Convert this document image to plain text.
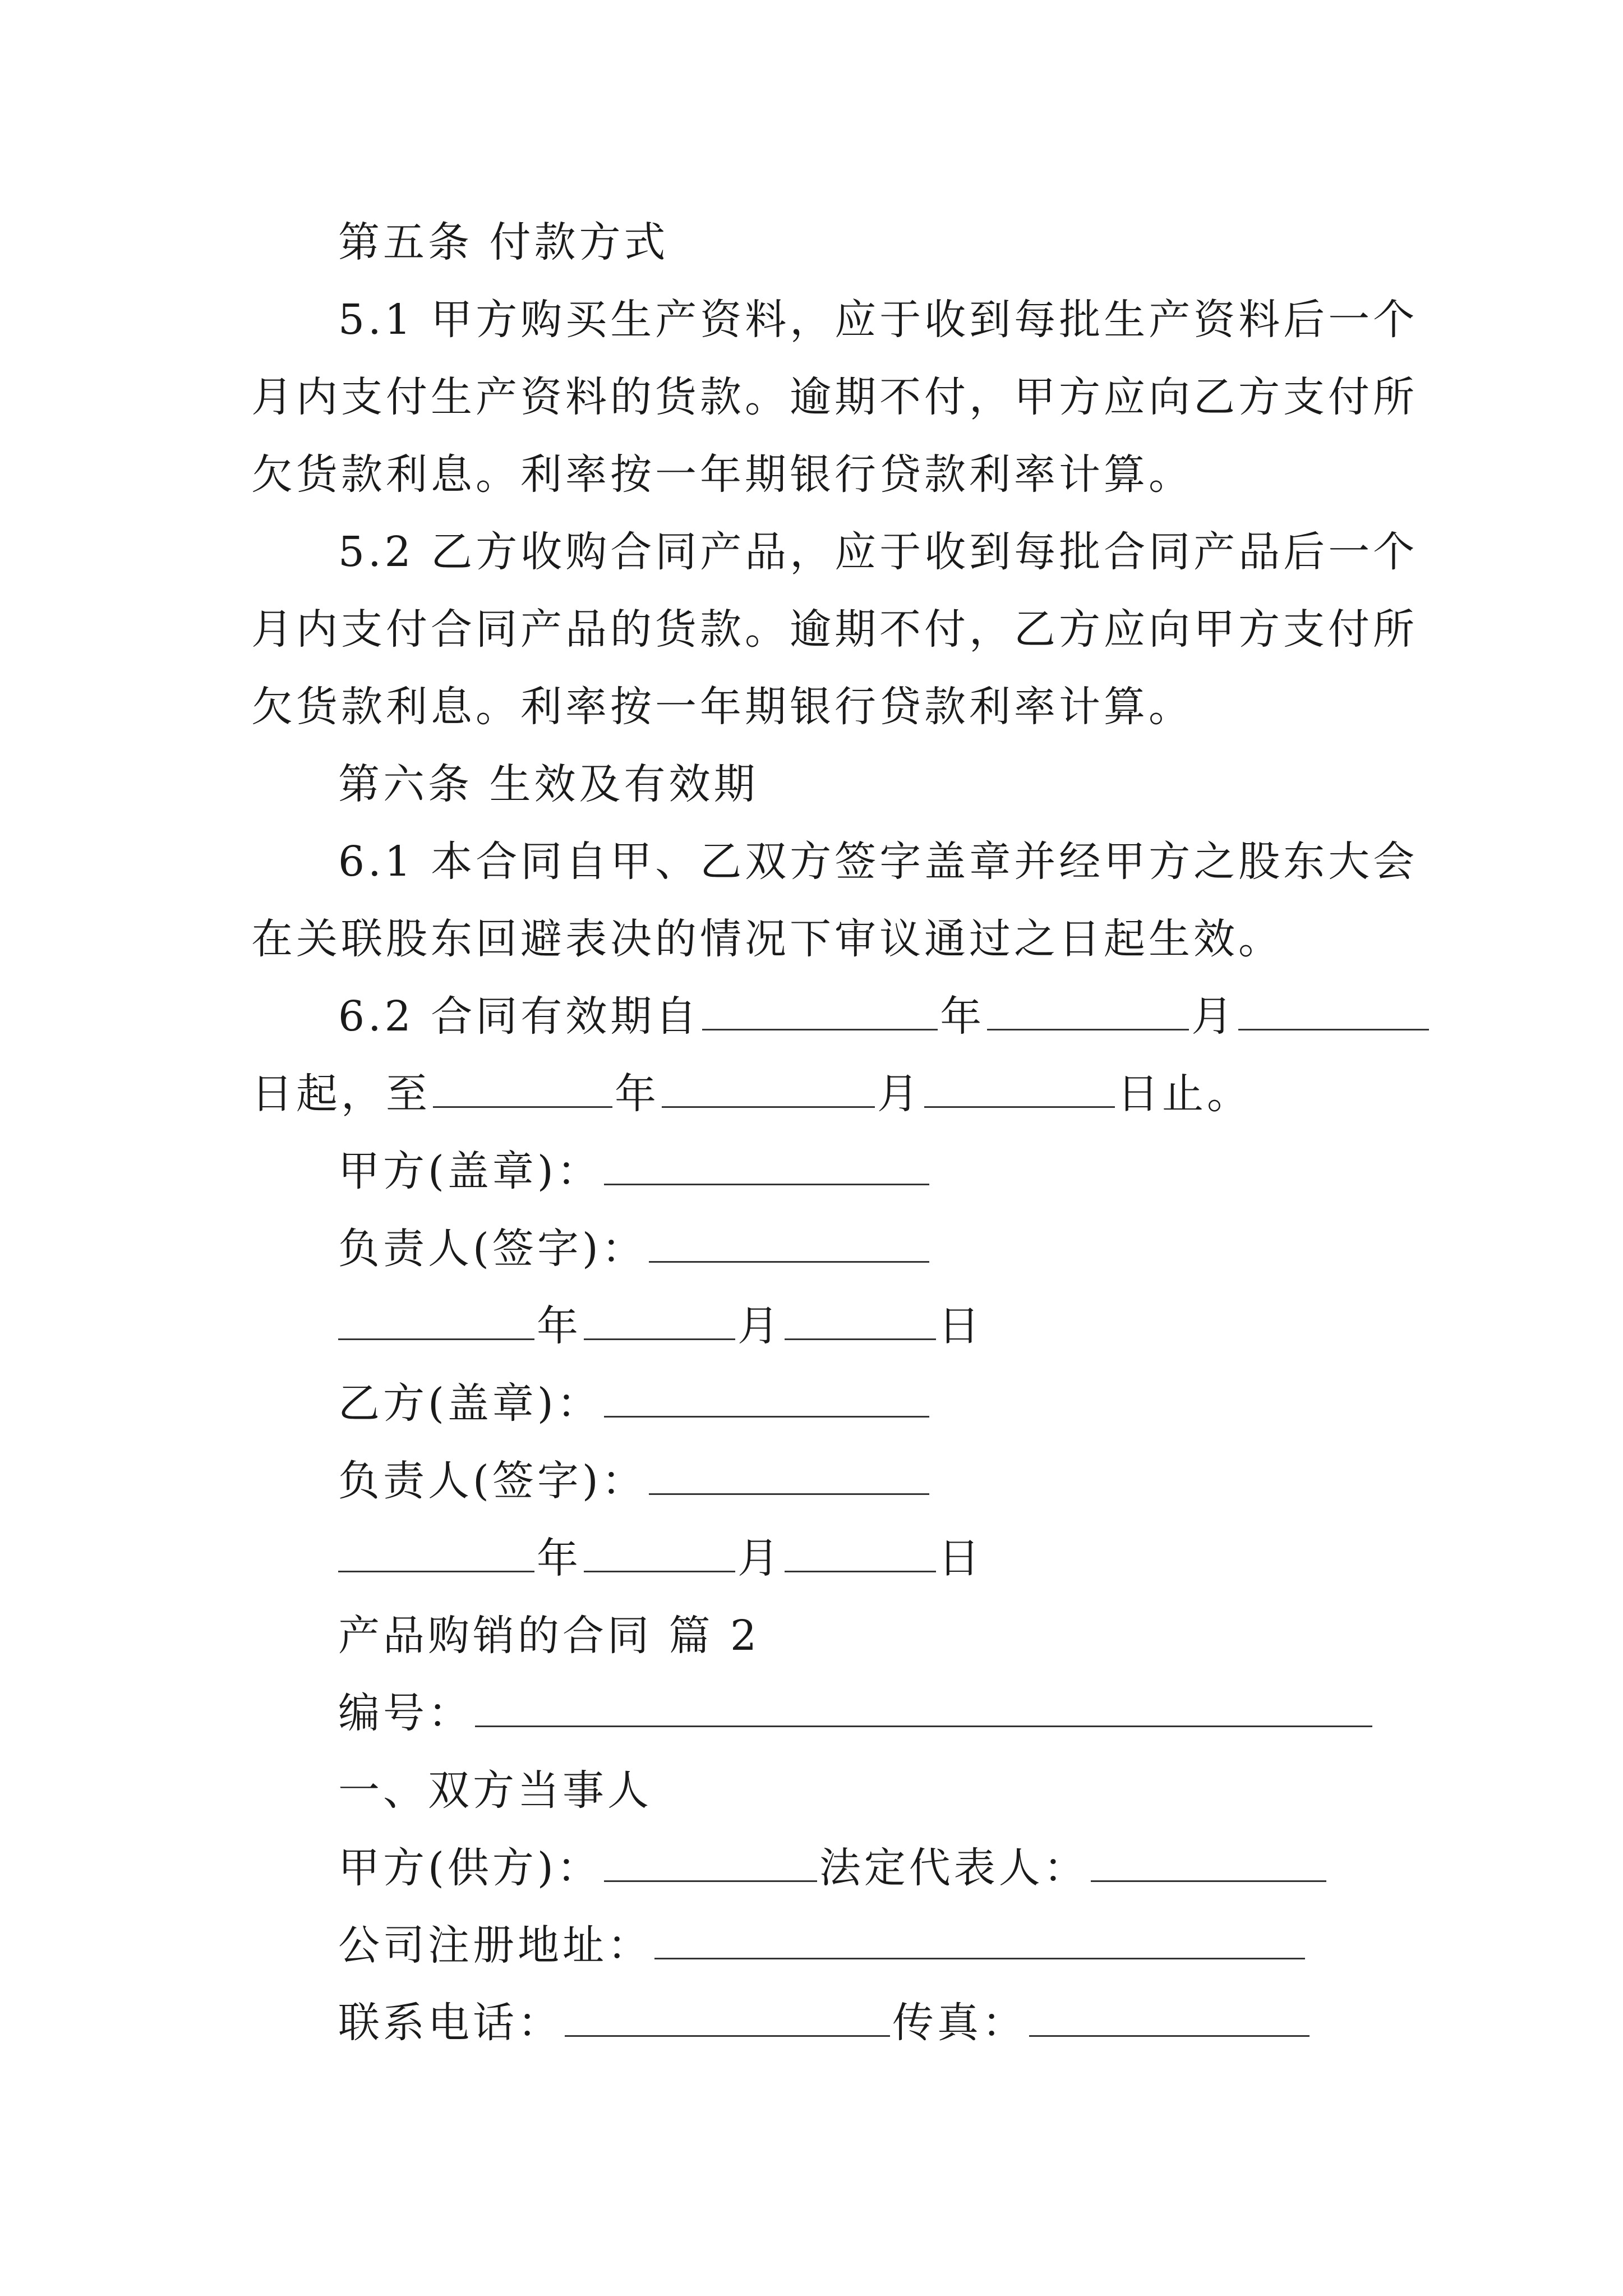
第五条 付款方式
5.1 甲方购买生产资料，应于收到每批生产资料后一个
月内支付生产资料的货款。逾期不付，甲方应向乙方支付所
欠货款利息。利率按一年期银行贷款利率计算。
5.2 乙方收购合同产品，应于收到每批合同产品后一个
月内支付合同产品的货款。逾期不付，乙方应向甲方支付所
欠货款利息。利率按一年期银行贷款利率计算。
第六条 生效及有效期
6.1 本合同自甲、乙双方签字盖章并经甲方之股东大会
在关联股东回避表决的情况下审议通过之日起生效。
6.2 合同有效期自	年	月
日起，至	年	月	日止。
甲方(盖章)：
负责人(签字)：
年	月	日
乙方(盖章)：
负责人(签字)：
年	月	日
产品购销的合同 篇 2
编号：
一、双方当事人
甲方(供方)：	法定代表人：
公司注册地址：
联系电话：	传真：
